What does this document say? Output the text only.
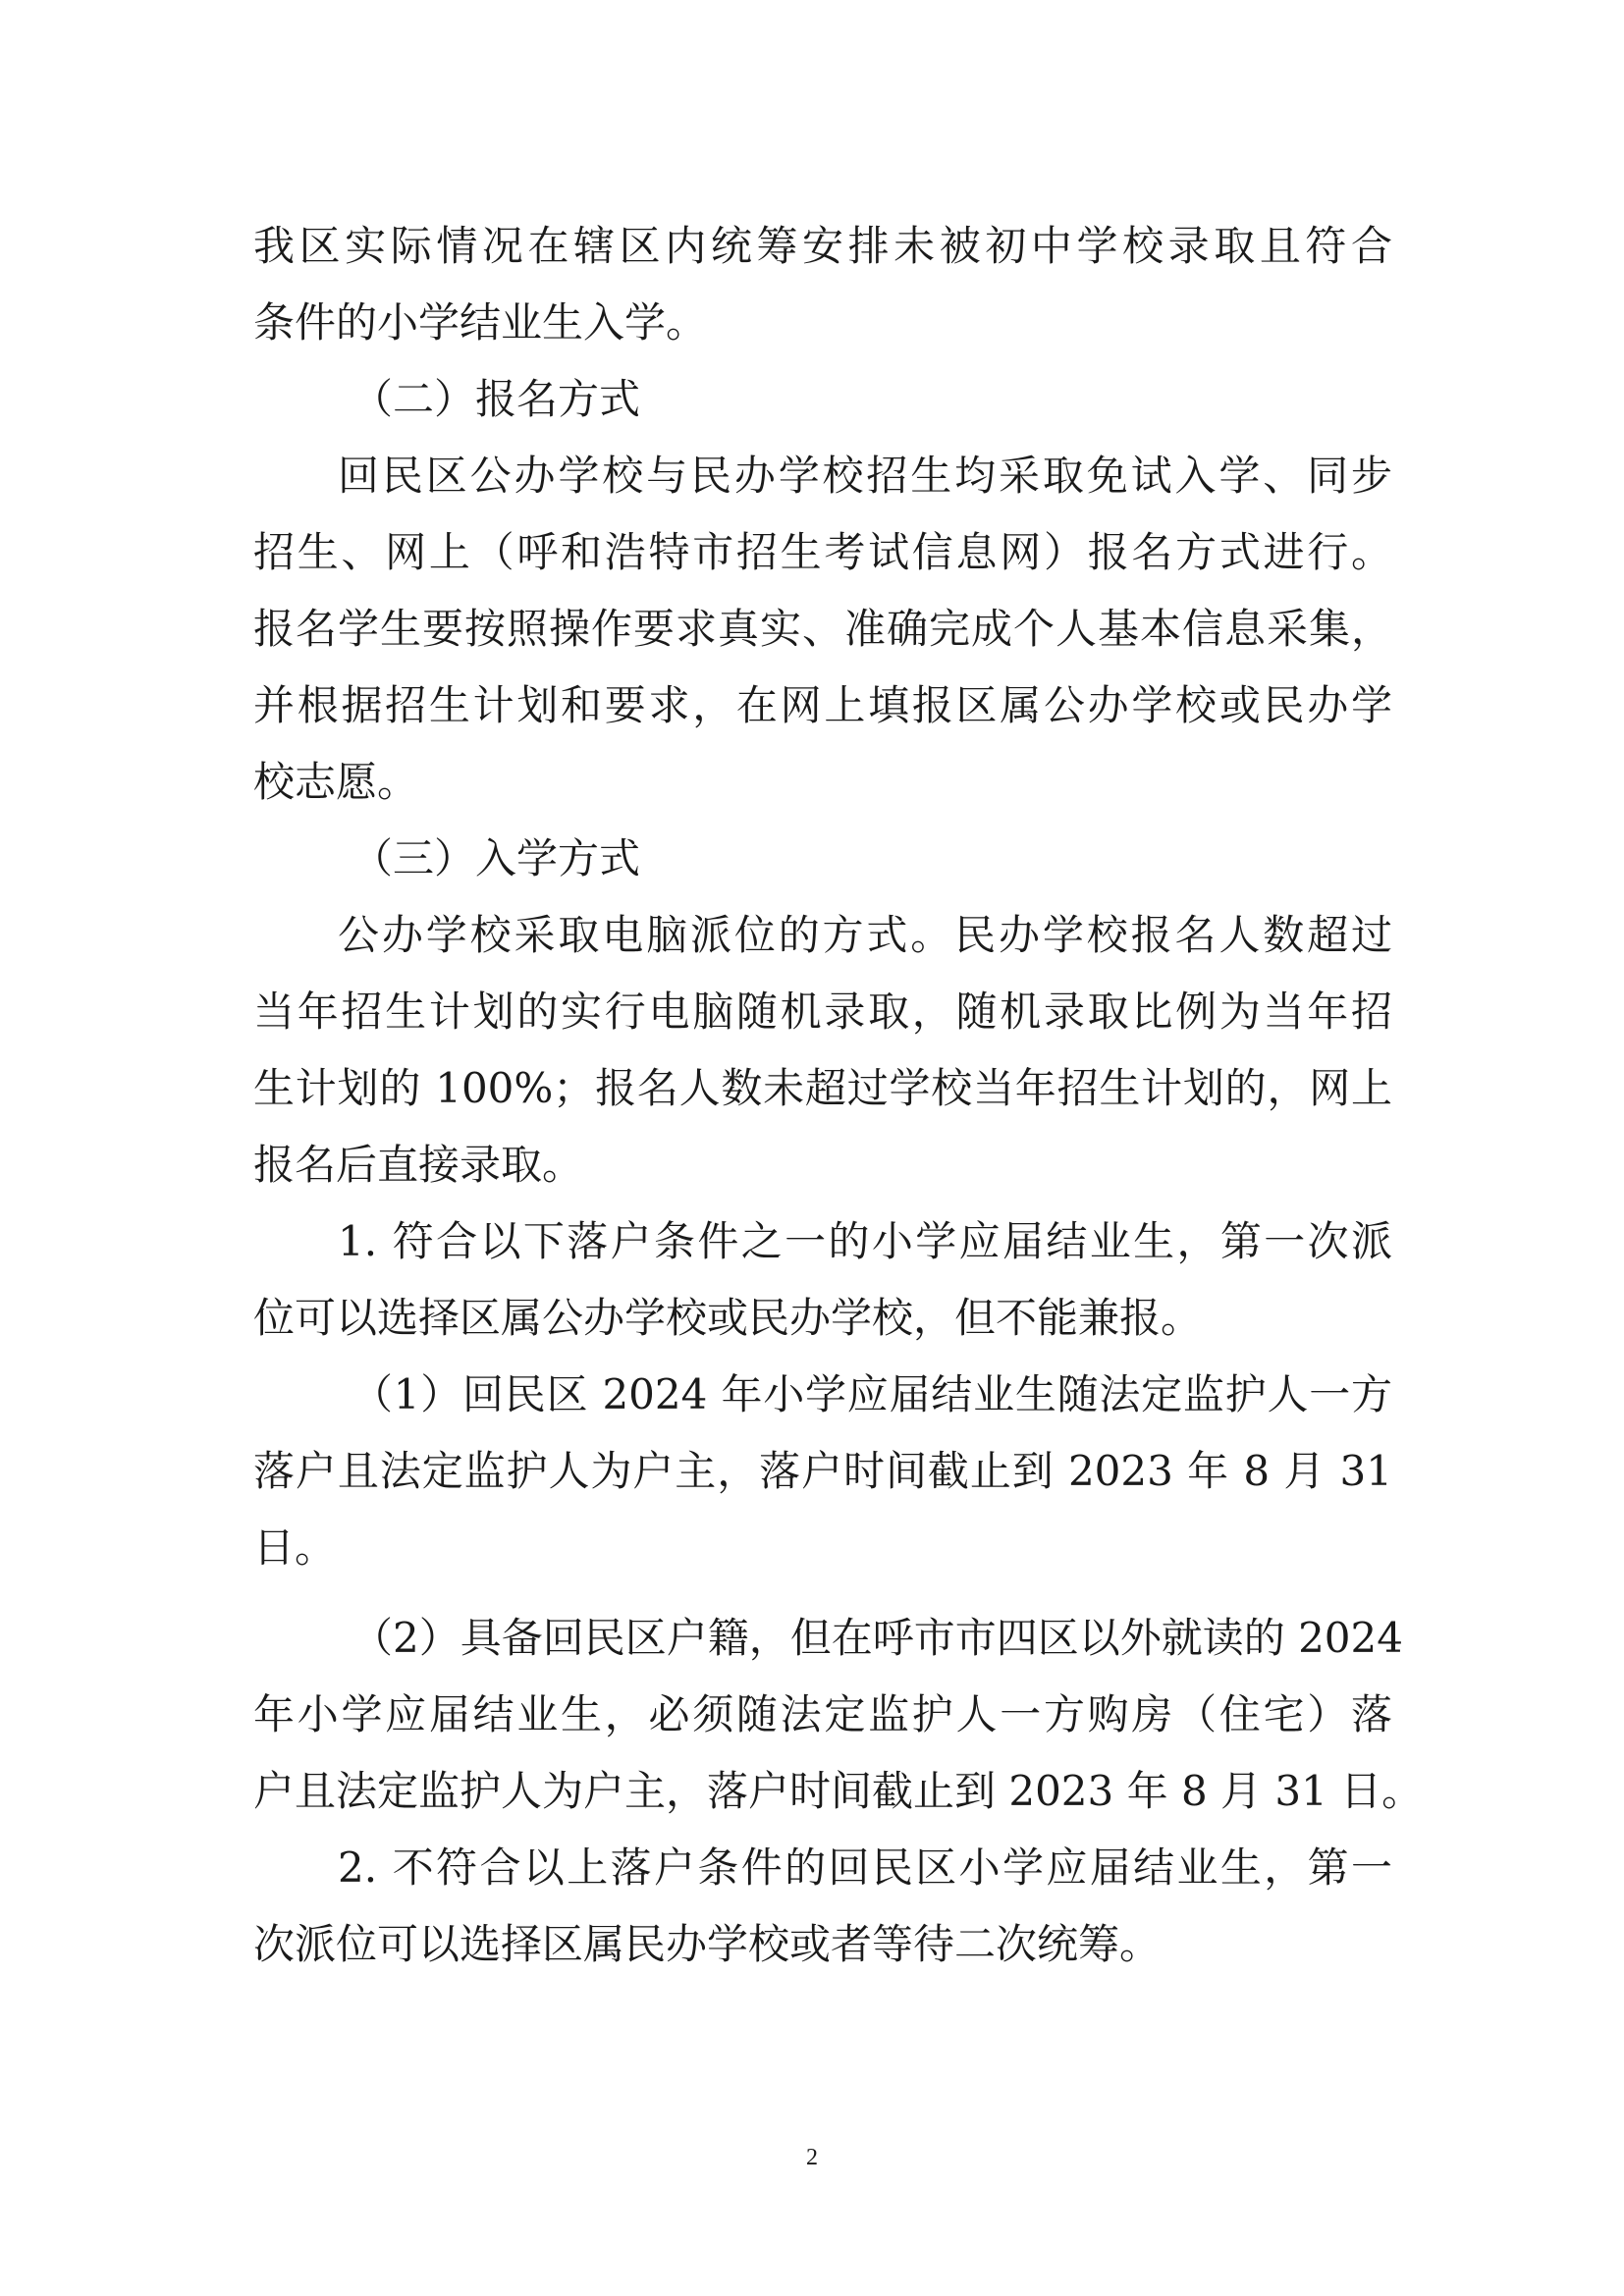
我区实际情况在辖区内统筹安排未被初中学校录取且符合
条件的小学结业生入学。
（二）报名方式
回民区公办学校与民办学校招生均采取免试入学、同步
招生、网上（呼和浩特市招生考试信息网）报名方式进行。
报名学生要按照操作要求真实、准确完成个人基本信息采集，
并根据招生计划和要求，在网上填报区属公办学校或民办学
校志愿。
（三）入学方式
公办学校采取电脑派位的方式。民办学校报名人数超过
当年招生计划的实行电脑随机录取，随机录取比例为当年招
生计划的 100%；报名人数未超过学校当年招生计划的，网上
报名后直接录取。
1. 符合以下落户条件之一的小学应届结业生，第一次派
位可以选择区属公办学校或民办学校，但不能兼报。
（1）回民区 2024 年小学应届结业生随法定监护人一方
落户且法定监护人为户主，落户时间截止到 2023 年 8 月 31
日。
（2）具备回民区户籍，但在呼市市四区以外就读的 2024
年小学应届结业生，必须随法定监护人一方购房（住宅）落
户且法定监护人为户主，落户时间截止到 2023 年 8 月 31 日。
2. 不符合以上落户条件的回民区小学应届结业生，第一
次派位可以选择区属民办学校或者等待二次统筹。
2
